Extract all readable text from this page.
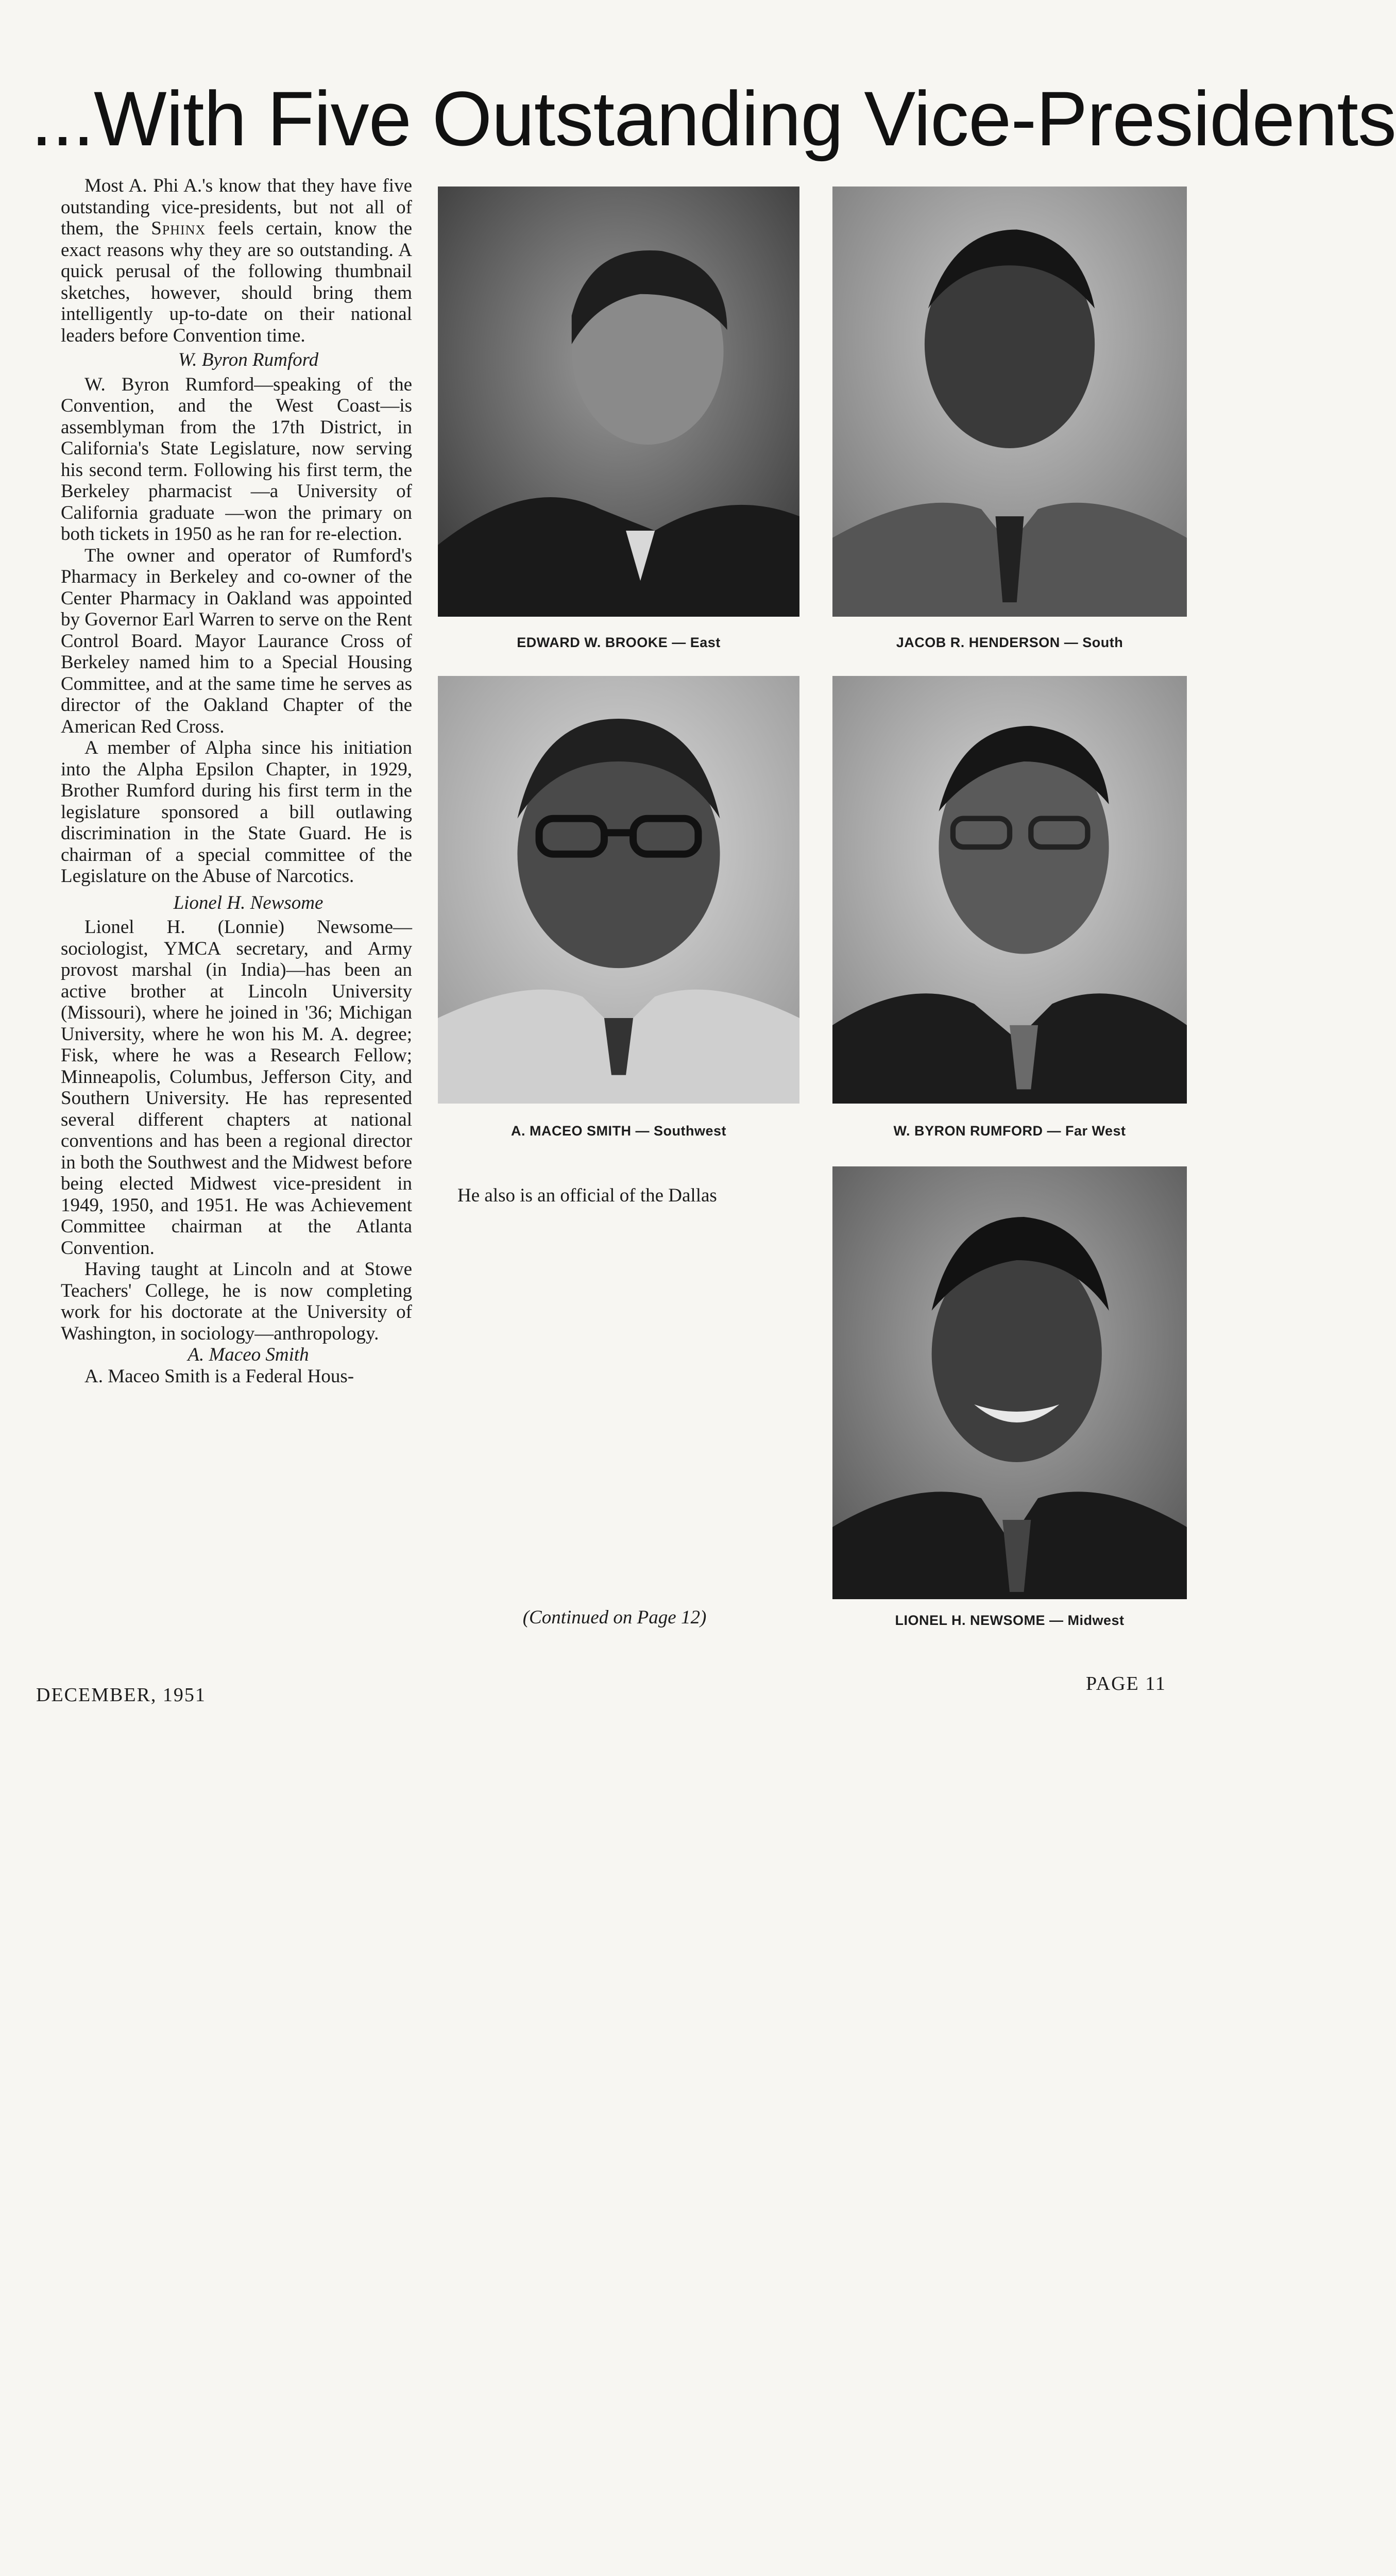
...With Five Outstanding Vice-Presidents

Most A. Phi A.'s know that they have five outstanding vice-presidents, but not all of them, the Sphinx feels certain, know the exact reasons why they are so outstanding. A quick perusal of the following thumbnail sketches, however, should bring them intelligently up-to-date on their national leaders before Convention time.

W. Byron Rumford

W. Byron Rumford—speaking of the Convention, and the West Coast—is assemblyman from the 17th District, in California's State Legislature, now serving his second term. Following his first term, the Berkeley pharmacist —a University of California graduate —won the primary on both tickets in 1950 as he ran for re-election.

The owner and operator of Rumford's Pharmacy in Berkeley and co-owner of the Center Pharmacy in Oakland was appointed by Governor Earl Warren to serve on the Rent Control Board. Mayor Laurance Cross of Berkeley named him to a Special Housing Committee, and at the same time he serves as director of the Oakland Chapter of the American Red Cross.

A member of Alpha since his initiation into the Alpha Epsilon Chapter, in 1929, Brother Rumford during his first term in the legislature sponsored a bill outlawing discrimination in the State Guard. He is chairman of a special committee of the Legislature on the Abuse of Narcotics.

Lionel H. Newsome

Lionel H. (Lonnie) Newsome—sociologist, YMCA secretary, and Army provost marshal (in India)—has been an active brother at Lincoln University (Missouri), where he joined in '36; Michigan University, where he won his M. A. degree; Fisk, where he was a Research Fellow; Minneapolis, Columbus, Jefferson City, and Southern University. He has represented several different chapters at national conventions and has been a regional director in both the Southwest and the Midwest before being elected Midwest vice-president in 1949, 1950, and 1951. He was Achievement Committee chairman at the Atlanta Convention.

Having taught at Lincoln and at Stowe Teachers' College, he is now completing work for his doctorate at the University of Washington, in sociology—anthropology.

A. Maceo Smith

A. Maceo Smith is a Federal Hous-

He also is an official of the Dallas

(Continued on Page 12)
EDWARD W. BROOKE — East	JACOB R. HENDERSON — South
A. MACEO SMITH — Southwest	W. BYRON RUMFORD — Far West
LIONEL H. NEWSOME — Midwest
DECEMBER, 1951
PAGE 11
